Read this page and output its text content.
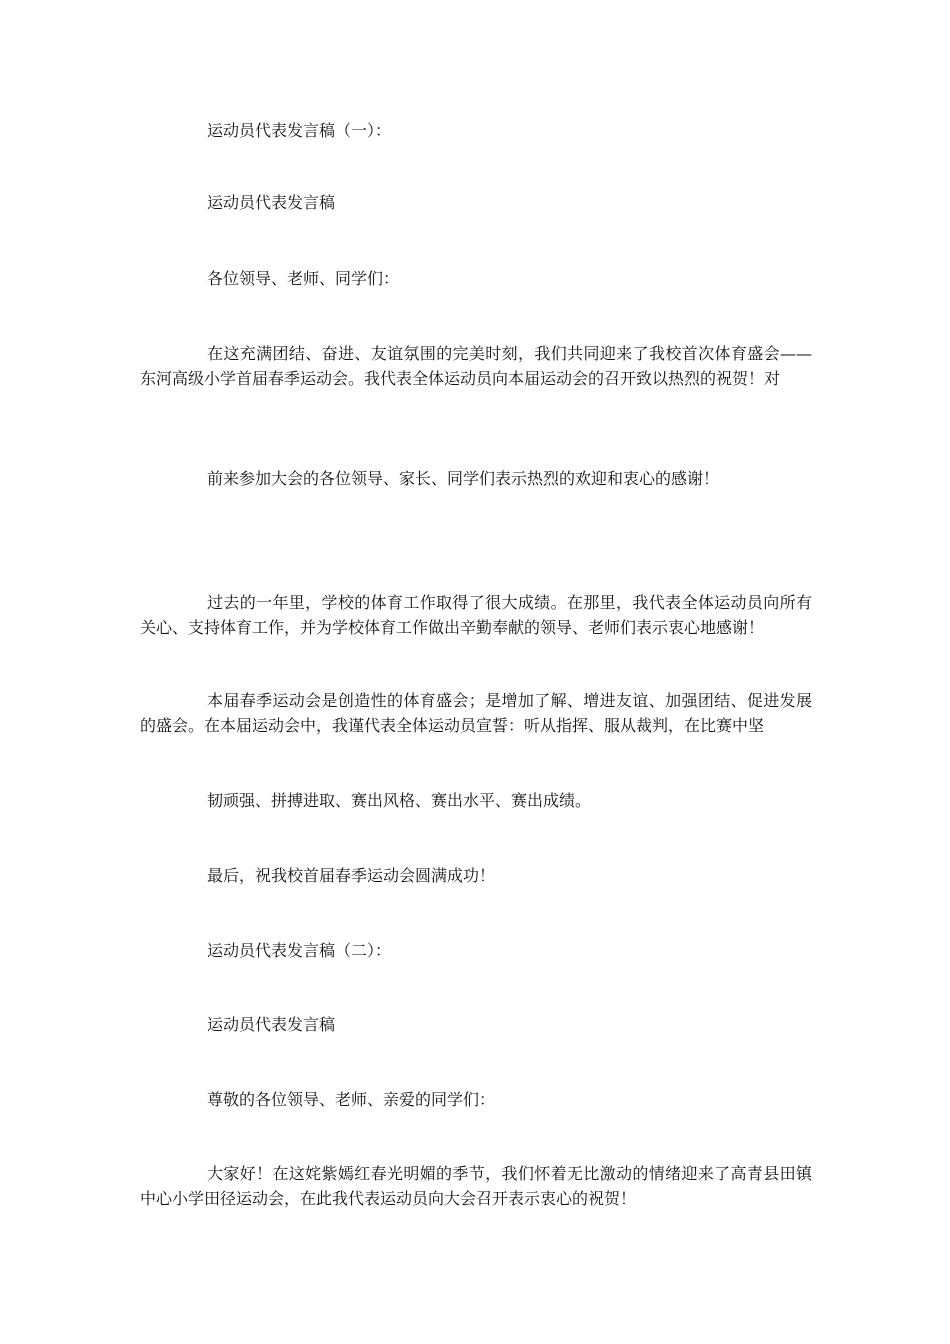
运动员代表发言稿（一）：

运动员代表发言稿

各位领导、老师、同学们：

在这充满团结、奋进、友谊氛围的完美时刻，我们共同迎来了我校首次体育盛会——东河高级小学首届春季运动会。我代表全体运动员向本届运动会的召开致以热烈的祝贺！对

前来参加大会的各位领导、家长、同学们表示热烈的欢迎和衷心的感谢！

过去的一年里，学校的体育工作取得了很大成绩。在那里，我代表全体运动员向所有关心、支持体育工作，并为学校体育工作做出辛勤奉献的领导、老师们表示衷心地感谢！

本届春季运动会是创造性的体育盛会；是增加了解、增进友谊、加强团结、促进发展的盛会。在本届运动会中，我谨代表全体运动员宣誓：听从指挥、服从裁判，在比赛中坚

韧顽强、拼搏进取、赛出风格、赛出水平、赛出成绩。

最后，祝我校首届春季运动会圆满成功！

运动员代表发言稿（二）：

运动员代表发言稿

尊敬的各位领导、老师、亲爱的同学们：

大家好！在这姹紫嫣红春光明媚的季节，我们怀着无比激动的情绪迎来了高青县田镇中心小学田径运动会，在此我代表运动员向大会召开表示衷心的祝贺！
